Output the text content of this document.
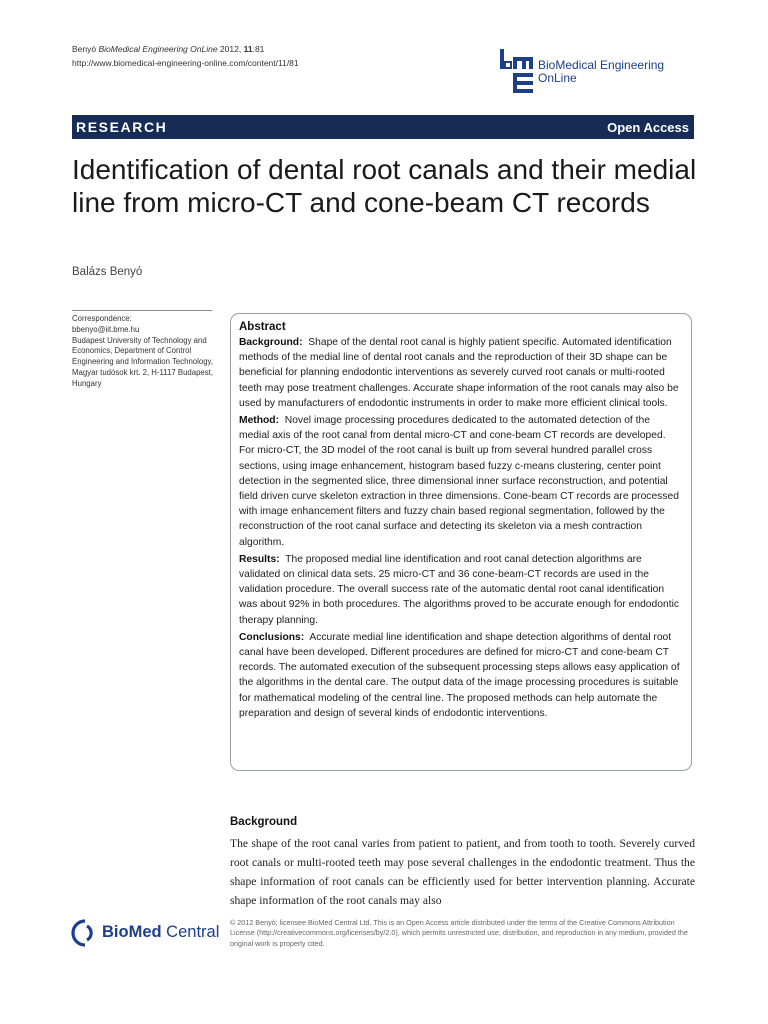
Benyó BioMedical Engineering OnLine 2012, 11:81
http://www.biomedical-engineering-online.com/content/11/81	BioMedical Engineering
OnLine
RESEARCH	Open Access
Identification of dental root canals and their medial line from micro-CT and cone-beam CT records
Balázs Benyó
Correspondence:
bbenyo@iit.bme.hu
Budapest University of Technology and Economics, Department of Control Engineering and Information Technology, Magyar tudósok krt. 2, H-1117 Budapest, Hungary
Abstract

Background: Shape of the dental root canal is highly patient specific. Automated identification methods of the medial line of dental root canals and the reproduction of their 3D shape can be beneficial for planning endodontic interventions as severely curved root canals or multi-rooted teeth may pose treatment challenges. Accurate shape information of the root canals may also be used by manufacturers of endodontic instruments in order to make more efficient clinical tools.

Method: Novel image processing procedures dedicated to the automated detection of the medial axis of the root canal from dental micro-CT and cone-beam CT records are developed. For micro-CT, the 3D model of the root canal is built up from several hundred parallel cross sections, using image enhancement, histogram based fuzzy c-means clustering, center point detection in the segmented slice, three dimensional inner surface reconstruction, and potential field driven curve skeleton extraction in three dimensions. Cone-beam CT records are processed with image enhancement filters and fuzzy chain based regional segmentation, followed by the reconstruction of the root canal surface and detecting its skeleton via a mesh contraction algorithm.

Results: The proposed medial line identification and root canal detection algorithms are validated on clinical data sets. 25 micro-CT and 36 cone-beam-CT records are used in the validation procedure. The overall success rate of the automatic dental root canal identification was about 92% in both procedures. The algorithms proved to be accurate enough for endodontic therapy planning.

Conclusions: Accurate medial line identification and shape detection algorithms of dental root canal have been developed. Different procedures are defined for micro-CT and cone-beam CT records. The automated execution of the subsequent processing steps allows easy application of the algorithms in the dental care. The output data of the image processing procedures is suitable for mathematical modeling of the central line. The proposed methods can help automate the preparation and design of several kinds of endodontic interventions.

Background
The shape of the root canal varies from patient to patient, and from tooth to tooth. Severely curved root canals or multi-rooted teeth may pose several challenges in the endodontic treatment. Thus the shape information of root canals can be efficiently used for better intervention planning. Accurate shape information of the root canals may also
BioMed Central
© 2012 Benyó; licensee BioMed Central Ltd. This is an Open Access article distributed under the terms of the Creative Commons Attribution License (http://creativecommons.org/licenses/by/2.0), which permits unrestricted use, distribution, and reproduction in any medium, provided the original work is properly cited.
